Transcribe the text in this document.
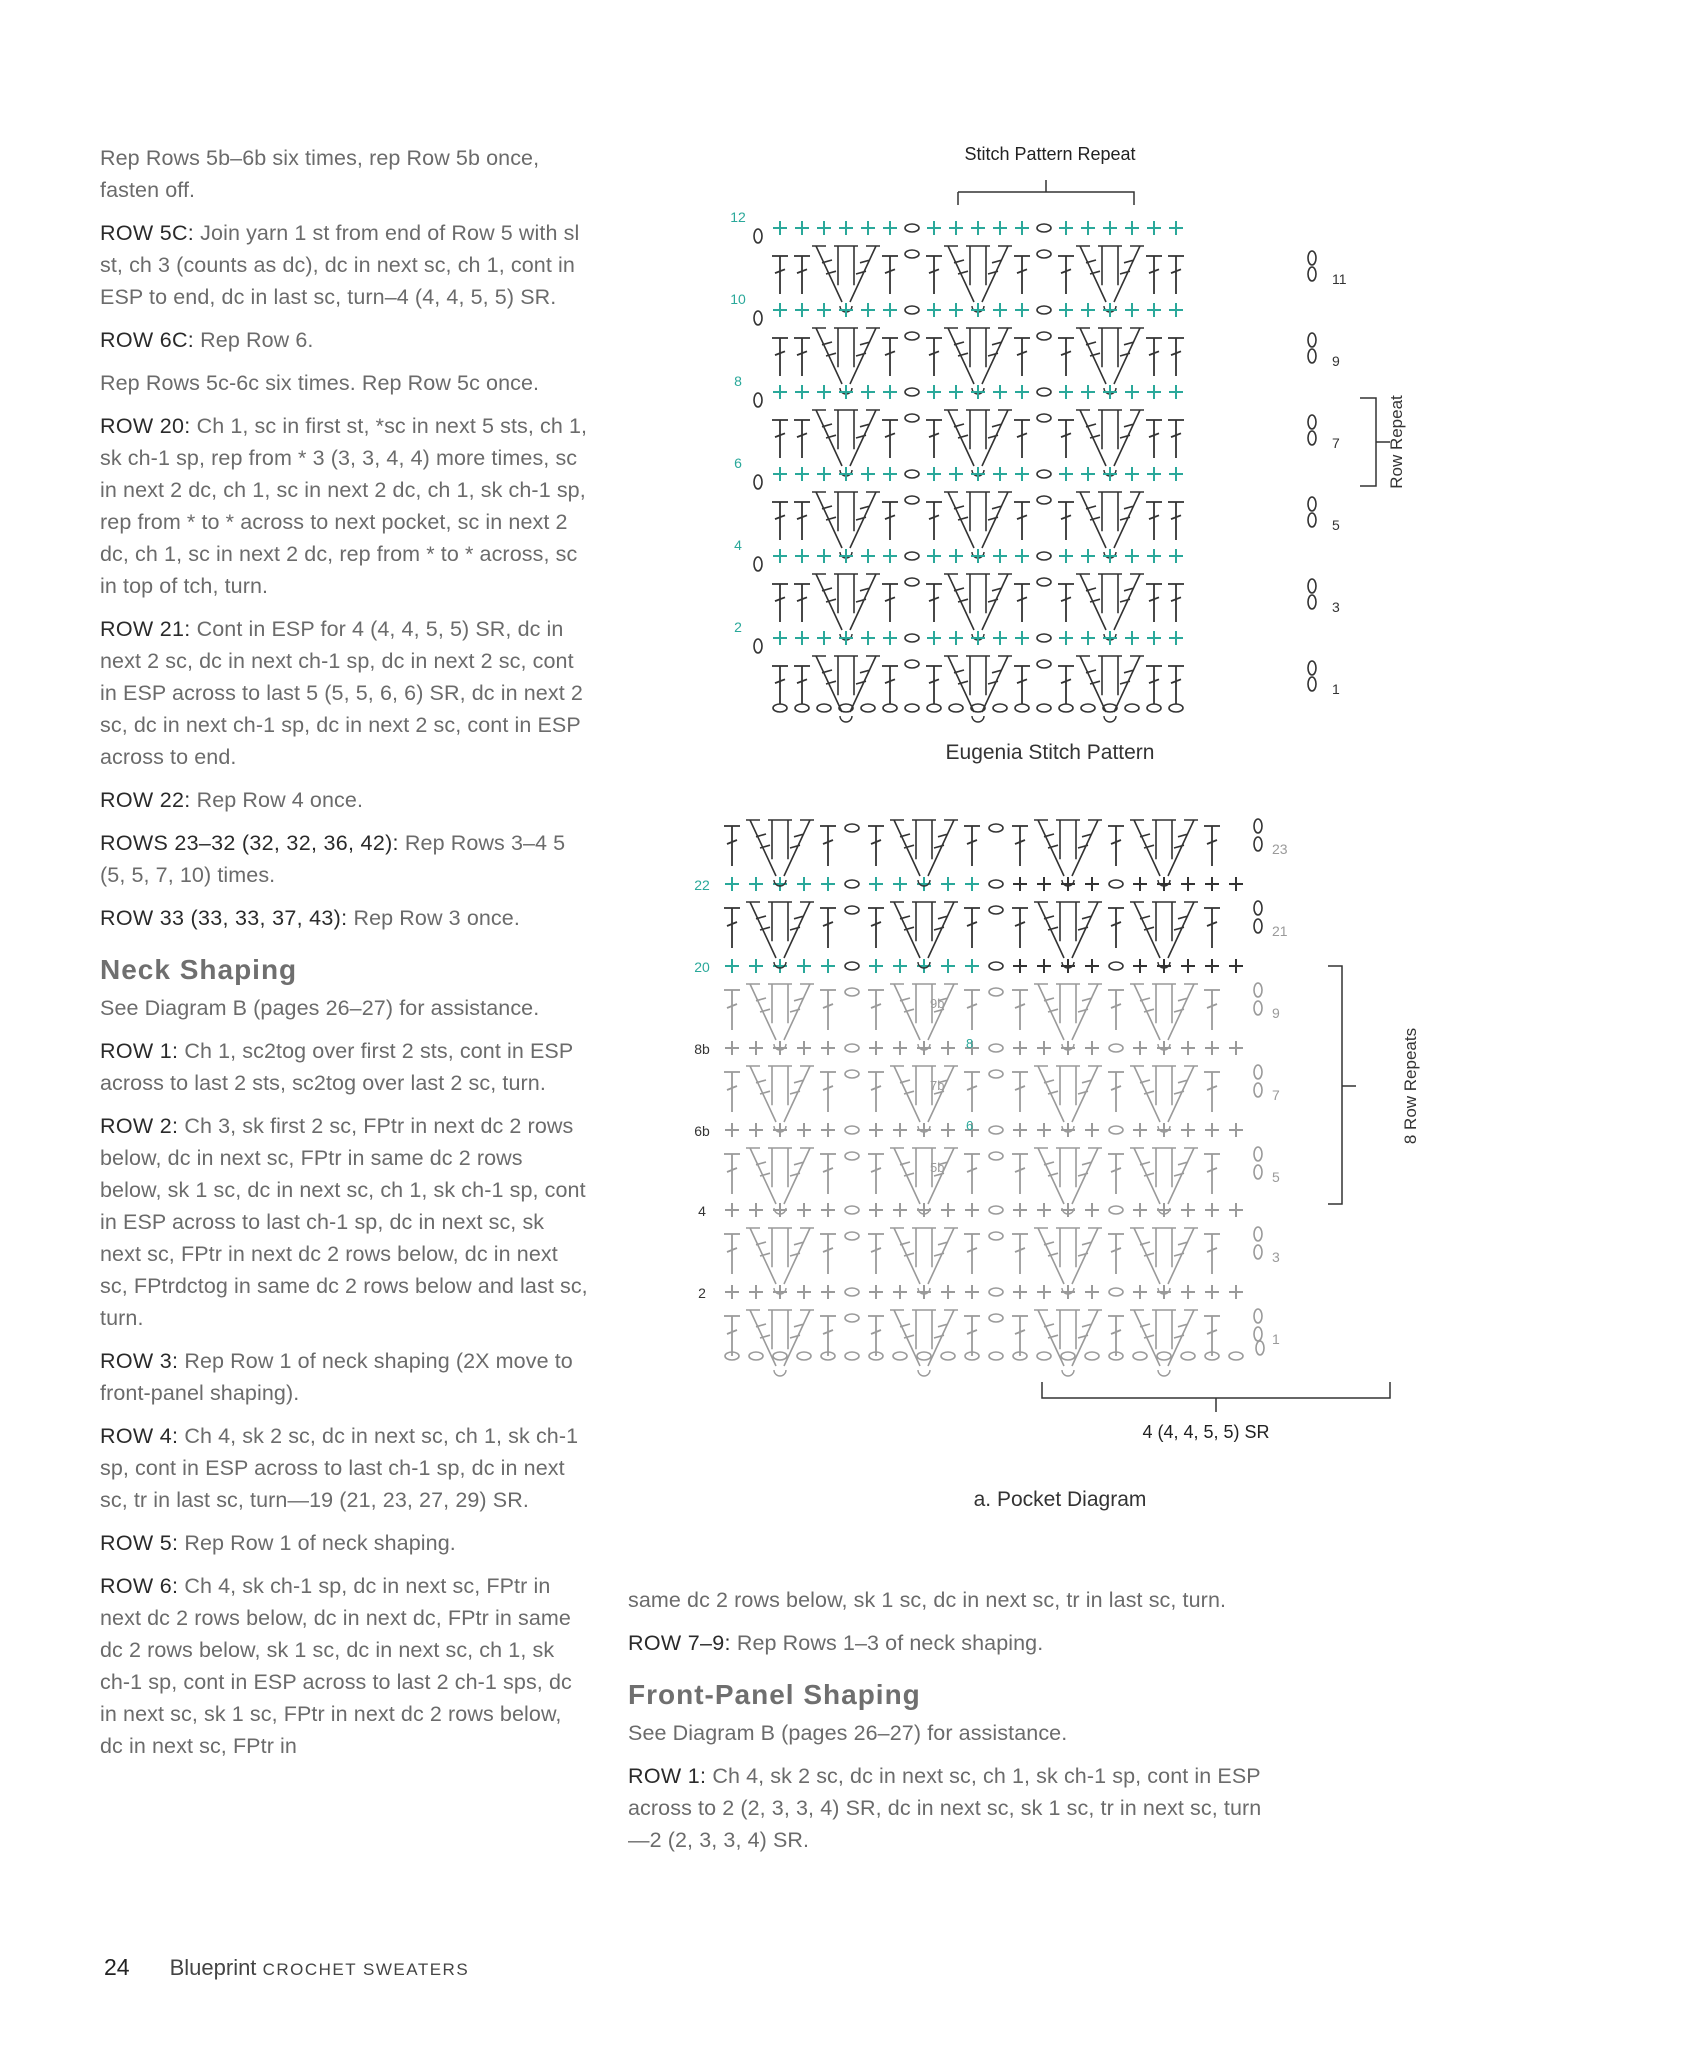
Rep Rows 5b–6b six times, rep Row 5b once, fasten off.

ROW 5C: Join yarn 1 st from end of Row 5 with sl st, ch 3 (counts as dc), dc in next sc, ch 1, cont in ESP to end, dc in last sc, turn–4 (4, 4, 5, 5) SR.

ROW 6C: Rep Row 6.

Rep Rows 5c-6c six times. Rep Row 5c once.

ROW 20: Ch 1, sc in first st, *sc in next 5 sts, ch 1, sk ch-1 sp, rep from * 3 (3, 3, 4, 4) more times, sc in next 2 dc, ch 1, sc in next 2 dc, ch 1, sk ch-1 sp, rep from * to * across to next pocket, sc in next 2 dc, ch 1, sc in next 2 dc, rep from * to * across, sc in top of tch, turn.

ROW 21: Cont in ESP for 4 (4, 4, 5, 5) SR, dc in next 2 sc, dc in next ch-1 sp, dc in next 2 sc, cont in ESP across to last 5 (5, 5, 6, 6) SR, dc in next 2 sc, dc in next ch-1 sp, dc in next 2 sc, cont in ESP across to end.

ROW 22: Rep Row 4 once.

ROWS 23–32 (32, 32, 36, 42): Rep Rows 3–4 5 (5, 5, 7, 10) times.

ROW 33 (33, 33, 37, 43): Rep Row 3 once.

Neck Shaping

See Diagram B (pages 26–27) for assistance.

ROW 1: Ch 1, sc2tog over first 2 sts, cont in ESP across to last 2 sts, sc2tog over last 2 sc, turn.

ROW 2: Ch 3, sk first 2 sc, FPtr in next dc 2 rows below, dc in next sc, FPtr in same dc 2 rows below, sk 1 sc, dc in next sc, ch 1, sk ch-1 sp, cont in ESP across to last ch-1 sp, dc in next sc, sk next sc, FPtr in next dc 2 rows below, dc in next sc, FPtrdctog in same dc 2 rows below and last sc, turn.

ROW 3: Rep Row 1 of neck shaping (2X move to front-panel shaping).

ROW 4: Ch 4, sk 2 sc, dc in next sc, ch 1, sk ch-1 sp, cont in ESP across to last ch-1 sp, dc in next sc, tr in last sc, turn—19 (21, 23, 27, 29) SR.

ROW 5: Rep Row 1 of neck shaping.

ROW 6: Ch 4, sk ch-1 sp, dc in next sc, FPtr in next dc 2 rows below, dc in next dc, FPtr in same dc 2 rows below, sk 1 sc, dc in next sc, ch 1, sk ch-1 sp, cont in ESP across to last 2 ch-1 sps, dc in next sc, sk 1 sc, FPtr in next dc 2 rows below, dc in next sc, FPtr in

same dc 2 rows below, sk 1 sc, dc in next sc, tr in last sc, turn.

ROW 7–9: Rep Rows 1–3 of neck shaping.

Front-Panel Shaping

See Diagram B (pages 26–27) for assistance.

ROW 1: Ch 4, sk 2 sc, dc in next sc, ch 1, sk ch-1 sp, cont in ESP across to 2 (2, 3, 3, 4) SR, dc in next sc, sk 1 sc, tr in next sc, turn—2 (2, 3, 3, 4) SR.

Stitch Pattern Repeat
12
11
10
9
8
7
6
5
4
3
2
1
Row Repeat
Eugenia Stitch Pattern
22
20
8b
6b
4
2
23
21
9
7
5
3
1
9b
8
7b
6
5b
8 Row Repeats
4 (4, 4, 5, 5) SR
a. Pocket Diagram
24 Blueprint CROCHET SWEATERS
